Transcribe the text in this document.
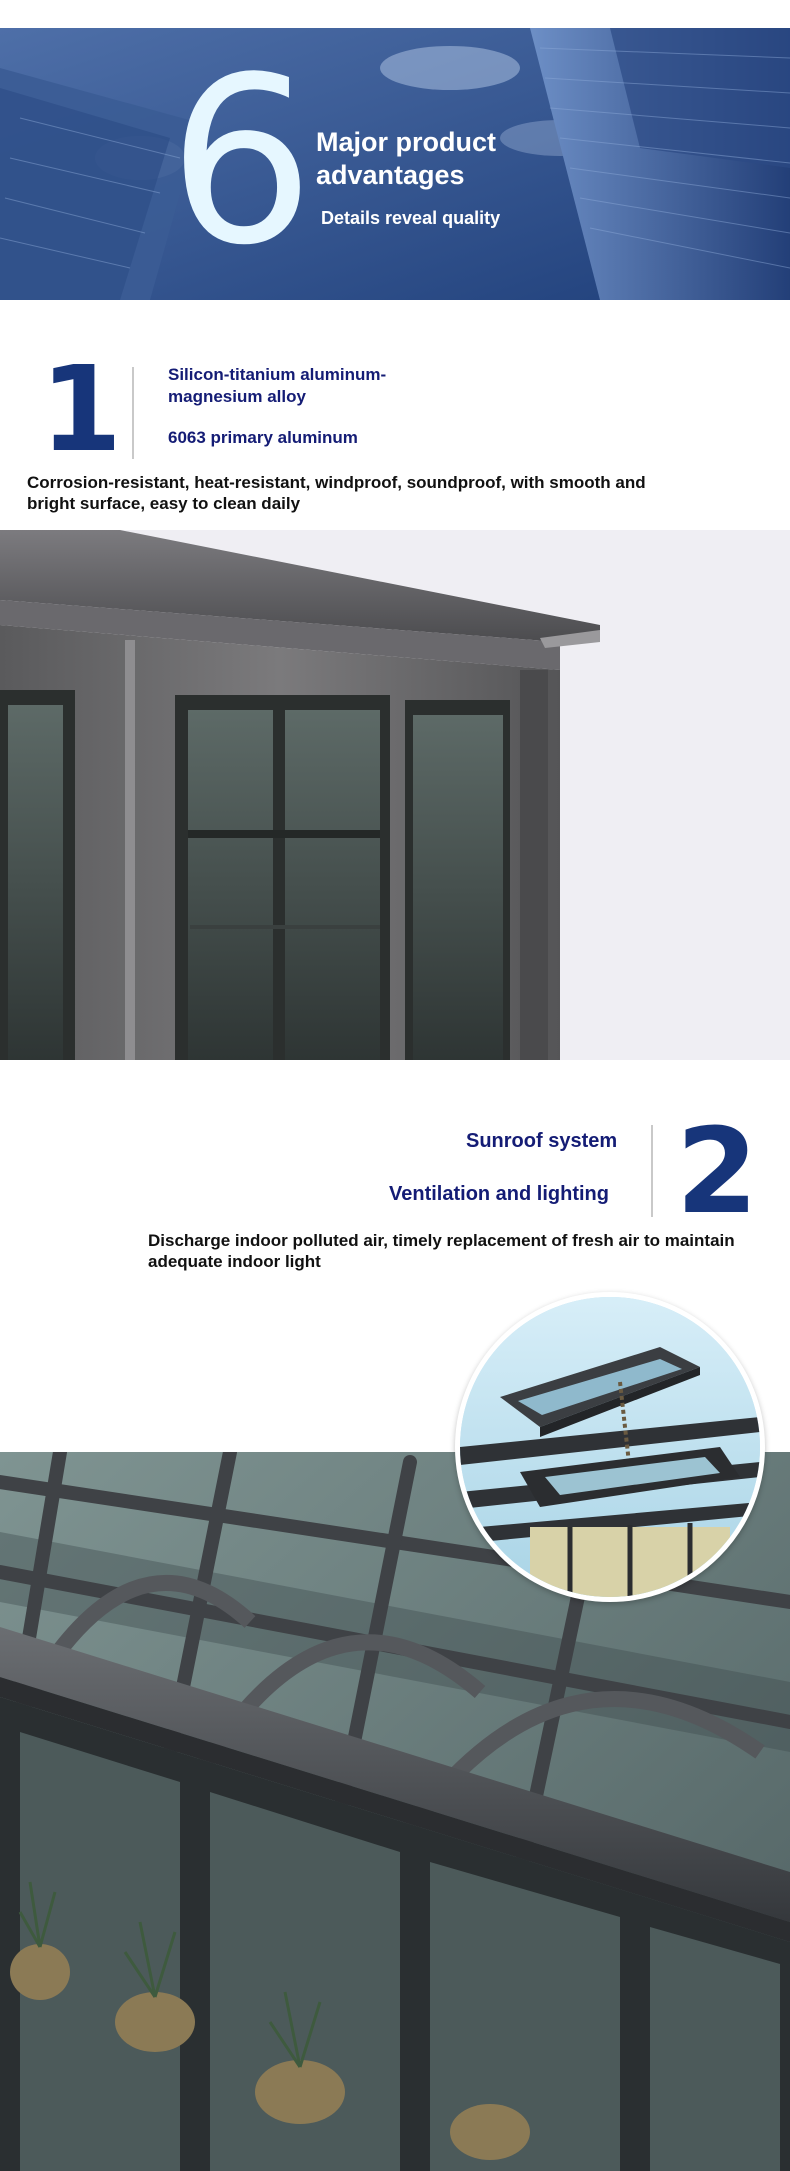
6 Major product advantages
Details reveal quality
1	Silicon-titanium aluminum-magnesium alloy
6063 primary aluminum
Corrosion-resistant, heat-resistant, windproof, soundproof, with smooth and bright surface, easy to clean daily
Sunroof system
Ventilation and lighting 2
Discharge indoor polluted air, timely replacement of fresh air to maintain adequate indoor light
